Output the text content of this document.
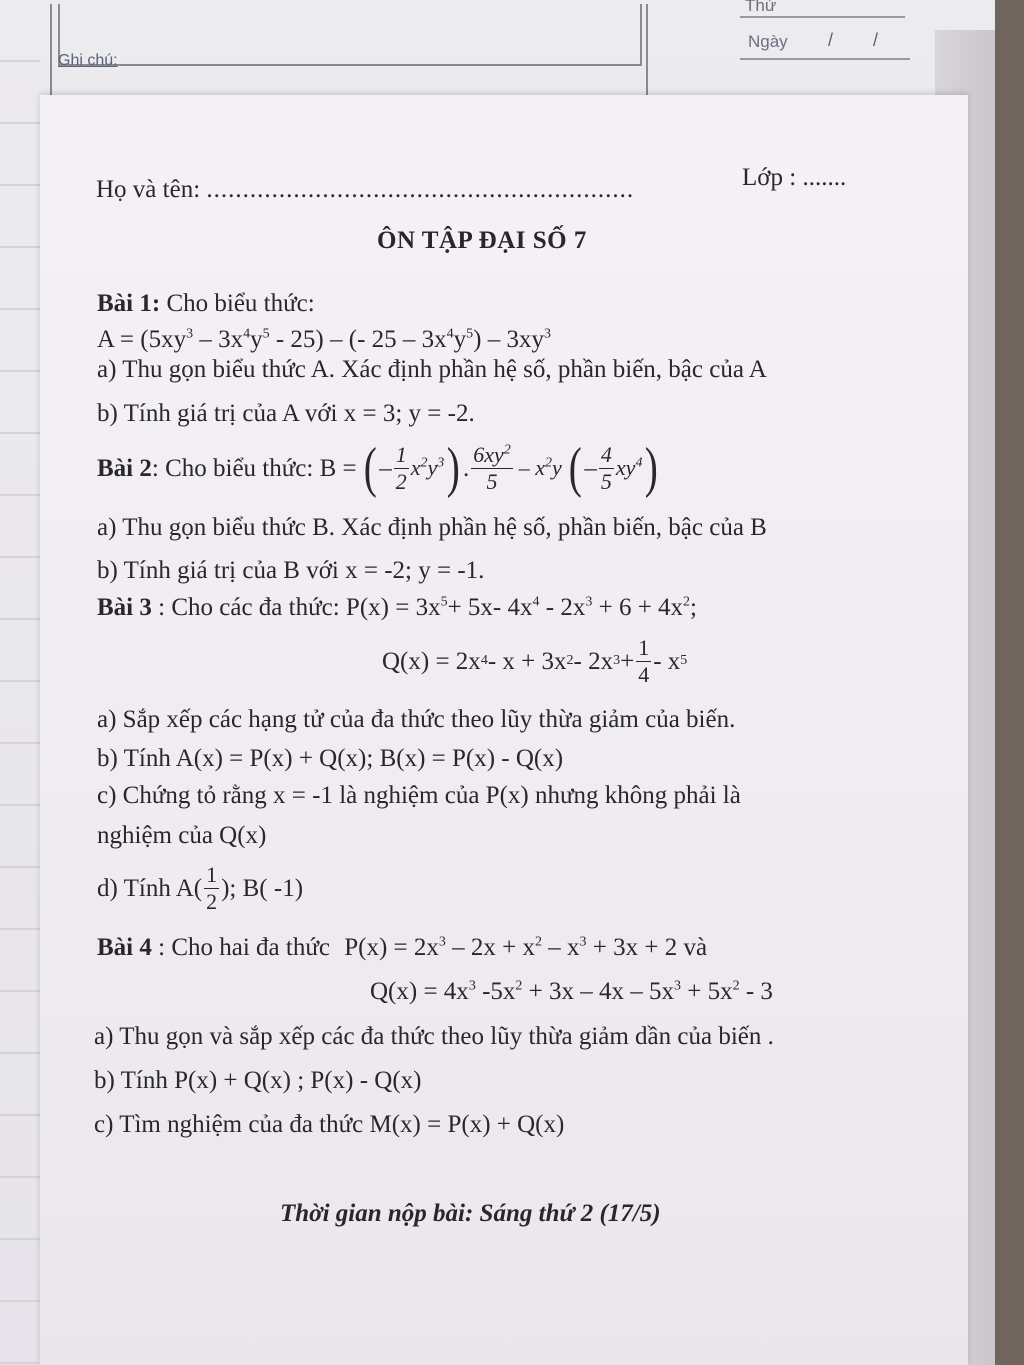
Ghi chú:
Thứ
Ngày / /
Họ và tên: ...........................................................	Lớp : .......
ÔN TẬP ĐẠI SỐ 7
Bài 1: Cho biểu thức:
$A = (5xy^3 - 3x^4y^5 - 25)$ – (- $25 - 3x^4y^5) - 3xy^3$
a) Thu gọn biểu thức A. Xác định phần hệ số, phần biến, bậc của A
b) Tính giá trị của A với x = 3; y = -2.
Bài 2 : Cho biểu thức: B = ( – $\frac{1}{2} x^2y^3$ ) . $\frac{6xy^2}{5} - x^2y$ ( – $\frac{4}{5} xy^4$ )
a) Thu gọn biểu thức B. Xác định phần hệ số, phần biến, bậc của B
b) Tính giá trị của B với x = -2; y = -1.
Bài 3 : Cho các đa thức: $P(x) = 3x^5+ 5x-$ $4x^4 - 2x^3 + 6 + 4x^2$;
Q(x) = 2x 4 - x + 3x 2 - 2x $3 + \frac{1}{4} - x$ 5
a) Sắp xếp các hạng tử của đa thức theo lũy thừa giảm của biến.
b) Tính A(x) = P(x) + Q(x); B(x) = P(x) - Q(x)
c) Chứng tỏ rằng x = -1 là nghiệm của P(x) nhưng không phải là
nghiệm của Q(x)
d) Tính $A( \frac{1}{2}$ ); B( -1)
Bài 4 : Cho hai đa thức $P(x) = 2x^3 - 2x + x^2 - x^3 + 3x + 2$ và
$Q(x) = 4x^3$ $-5x^2 + 3x - 4x - 5x^3 + 5x^2 - 3$
a) Thu gọn và sắp xếp các đa thức theo lũy thừa giảm dần của biến .
b) Tính P(x) + Q(x) ; P(x) - Q(x)
c) Tìm nghiệm của đa thức M(x) = P(x) + Q(x)
Thời gian nộp bài: Sáng thứ 2 (17/5)
